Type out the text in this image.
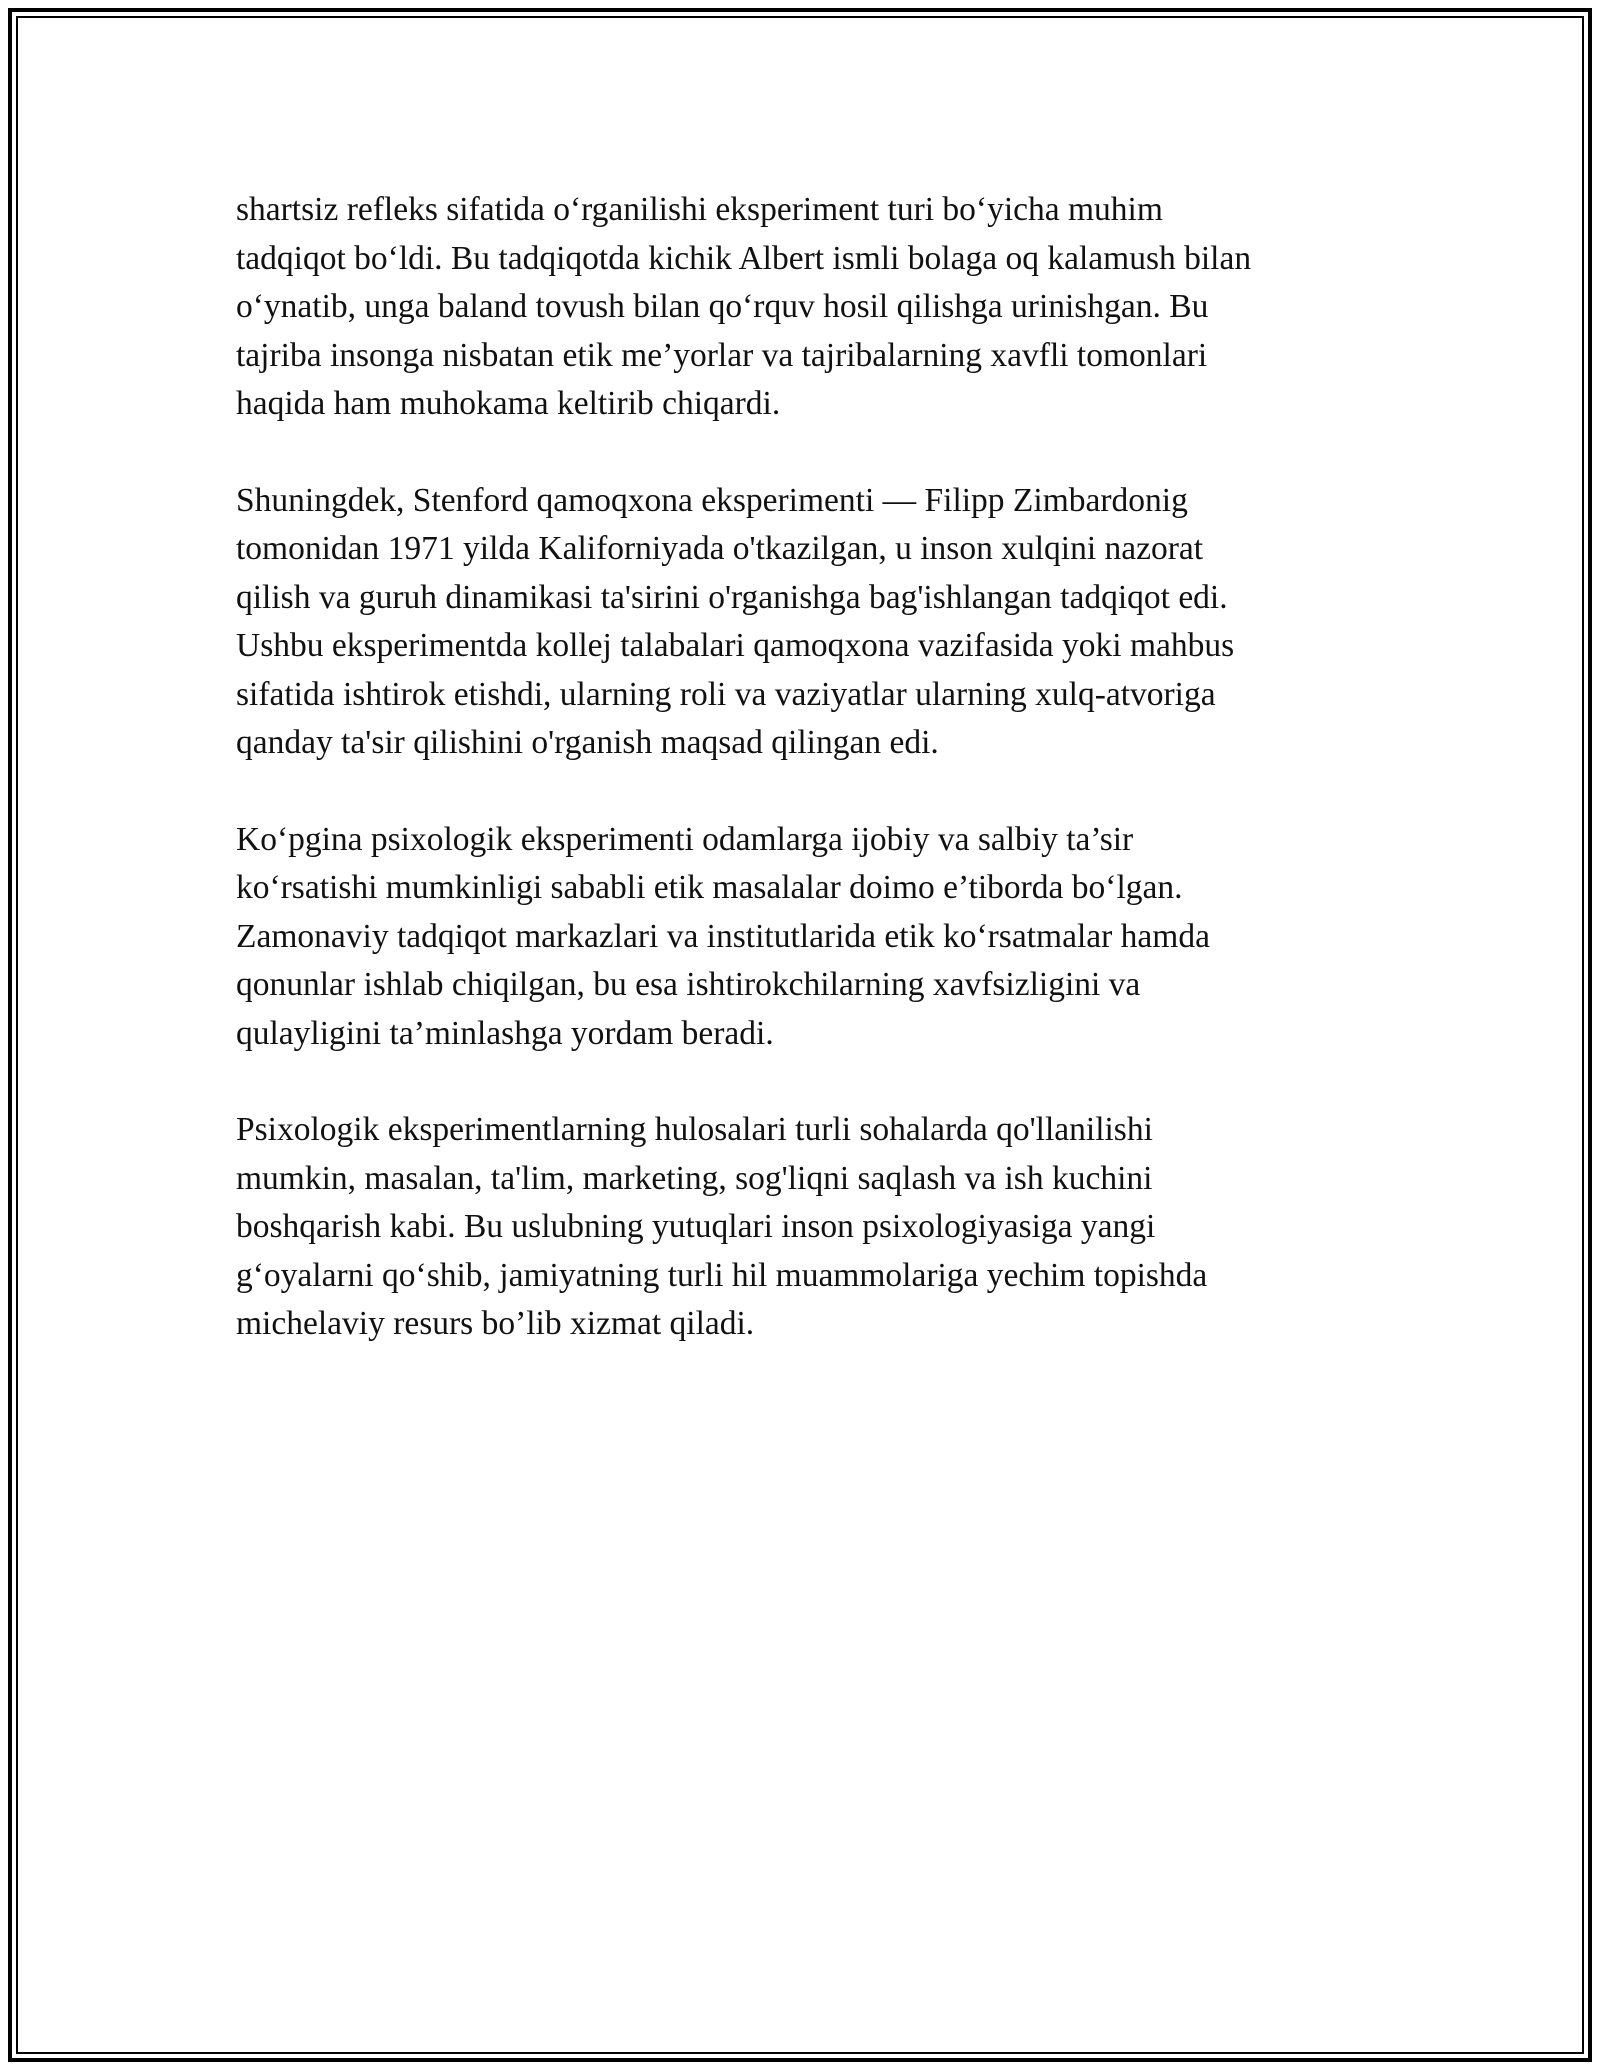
shartsiz refleks sifatida o‘rganilishi eksperiment turi bo‘yicha muhim
tadqiqot bo‘ldi. Bu tadqiqotda kichik Albert ismli bolaga oq kalamush bilan
o‘ynatib, unga baland tovush bilan qo‘rquv hosil qilishga urinishgan. Bu
tajriba insonga nisbatan etik me’yorlar va tajribalarning xavfli tomonlari
haqida ham muhokama keltirib chiqardi.

Shuningdek, Stenford qamoqxona eksperimenti — Filipp Zimbardonig
tomonidan 1971 yilda Kaliforniyada o'tkazilgan, u inson xulqini nazorat
qilish va guruh dinamikasi ta'sirini o'rganishga bag'ishlangan tadqiqot edi.
Ushbu eksperimentda kollej talabalari qamoqxona vazifasida yoki mahbus
sifatida ishtirok etishdi, ularning roli va vaziyatlar ularning xulq-atvoriga
qanday ta'sir qilishini o'rganish maqsad qilingan edi.

Ko‘pgina psixologik eksperimenti odamlarga ijobiy va salbiy ta’sir
ko‘rsatishi mumkinligi sababli etik masalalar doimo e’tiborda bo‘lgan.
Zamonaviy tadqiqot markazlari va institutlarida etik ko‘rsatmalar hamda
qonunlar ishlab chiqilgan, bu esa ishtirokchilarning xavfsizligini va
qulayligini ta’minlashga yordam beradi.

Psixologik eksperimentlarning hulosalari turli sohalarda qo'llanilishi
mumkin, masalan, ta'lim, marketing, sog'liqni saqlash va ish kuchini
boshqarish kabi. Bu uslubning yutuqlari inson psixologiyasiga yangi
g‘oyalarni qo‘shib, jamiyatning turli hil muammolariga yechim topishda
michelaviy resurs bo’lib xizmat qiladi.
